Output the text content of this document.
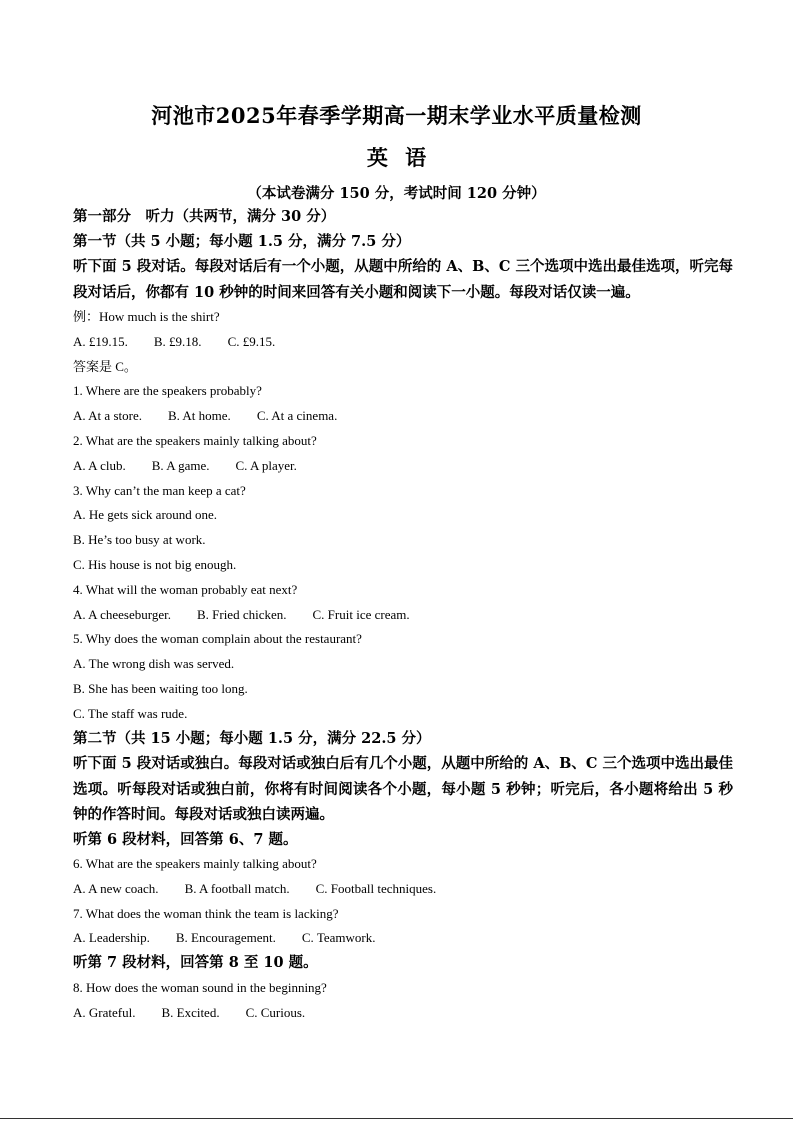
河池市2025年春季学期高一期末学业水平质量检测
英 语
（本试卷满分 150 分，考试时间 120 分钟）
第一部分　听力（共两节，满分 30 分）
第一节（共 5 小题；每小题 1.5 分，满分 7.5 分）
听下面 5 段对话。每段对话后有一个小题，从题中所给的 A、B、C 三个选项中选出最佳选项，听完每段对话后，你都有 10 秒钟的时间来回答有关小题和阅读下一小题。每段对话仅读一遍。
例：How much is the shirt?
A. £19.15. B. £9.18. C. £9.15.
答案是 C。
1. Where are the speakers probably?
A. At a store. B. At home. C. At a cinema.
2. What are the speakers mainly talking about?
A. A club. B. A game. C. A player.
3. Why can’t the man keep a cat?
A. He gets sick around one.
B. He’s too busy at work.
C. His house is not big enough.
4. What will the woman probably eat next?
A. A cheeseburger. B. Fried chicken. C. Fruit ice cream.
5. Why does the woman complain about the restaurant?
A. The wrong dish was served.
B. She has been waiting too long.
C. The staff was rude.
第二节（共 15 小题；每小题 1.5 分，满分 22.5 分）
听下面 5 段对话或独白。每段对话或独白后有几个小题，从题中所给的 A、B、C 三个选项中选出最佳选项。听每段对话或独白前，你将有时间阅读各个小题，每小题 5 秒钟；听完后，各小题将给出 5 秒钟的作答时间。每段对话或独白读两遍。
听第 6 段材料，回答第 6、7 题。
6. What are the speakers mainly talking about?
A. A new coach. B. A football match. C. Football techniques.
7. What does the woman think the team is lacking?
A. Leadership. B. Encouragement. C. Teamwork.
听第 7 段材料，回答第 8 至 10 题。
8. How does the woman sound in the beginning?
A. Grateful. B. Excited. C. Curious.
